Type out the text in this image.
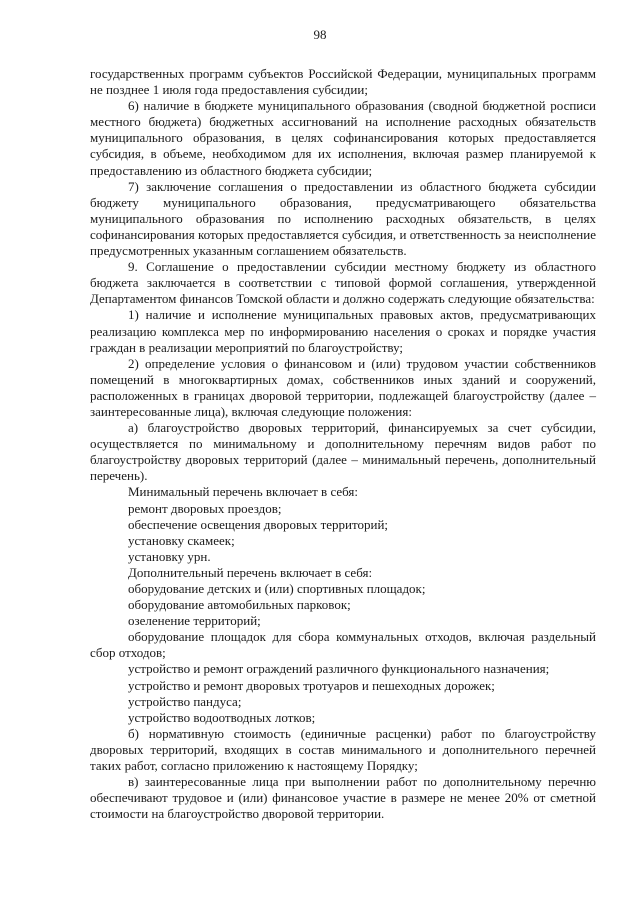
98

государственных программ субъектов Российской Федерации, муниципальных программ не позднее 1 июля года предоставления субсидии;

6) наличие в бюджете муниципального образования (сводной бюджетной росписи местного бюджета) бюджетных ассигнований на исполнение расходных обязательств муниципального образования, в целях софинансирования которых предоставляется субсидия, в объеме, необходимом для их исполнения, включая размер планируемой к предоставлению из областного бюджета субсидии;

7) заключение соглашения о предоставлении из областного бюджета субсидии бюджету муниципального образования, предусматривающего обязательства муниципального образования по исполнению расходных обязательств, в целях софинансирования которых предоставляется субсидия, и ответственность за неисполнение предусмотренных указанным соглашением обязательств.

9. Соглашение о предоставлении субсидии местному бюджету из областного бюджета заключается в соответствии с типовой формой соглашения, утвержденной Департаментом финансов Томской области и должно содержать следующие обязательства:

1) наличие и исполнение муниципальных правовых актов, предусматривающих реализацию комплекса мер по информированию населения о сроках и порядке участия граждан в реализации мероприятий по благоустройству;

2) определение условия о финансовом и (или) трудовом участии собственников помещений в многоквартирных домах, собственников иных зданий и сооружений, расположенных в границах дворовой территории, подлежащей благоустройству (далее – заинтересованные лица), включая следующие положения:

а) благоустройство дворовых территорий, финансируемых за счет субсидии, осуществляется по минимальному и дополнительному перечням видов работ по благоустройству дворовых территорий (далее – минимальный перечень, дополнительный перечень).

Минимальный перечень включает в себя:

ремонт дворовых проездов;

обеспечение освещения дворовых территорий;

установку скамеек;

установку урн.

Дополнительный перечень включает в себя:

оборудование детских и (или) спортивных площадок;

оборудование автомобильных парковок;

озеленение территорий;

оборудование площадок для сбора коммунальных отходов, включая раздельный сбор отходов;

устройство и ремонт ограждений различного функционального назначения;

устройство и ремонт дворовых тротуаров и пешеходных дорожек;

устройство пандуса;

устройство водоотводных лотков;

б) нормативную стоимость (единичные расценки) работ по благоустройству дворовых территорий, входящих в состав минимального и дополнительного перечней таких работ, согласно приложению к настоящему Порядку;

в) заинтересованные лица при выполнении работ по дополнительному перечню обеспечивают трудовое и (или) финансовое участие в размере не менее 20% от сметной стоимости на благоустройство дворовой территории.
